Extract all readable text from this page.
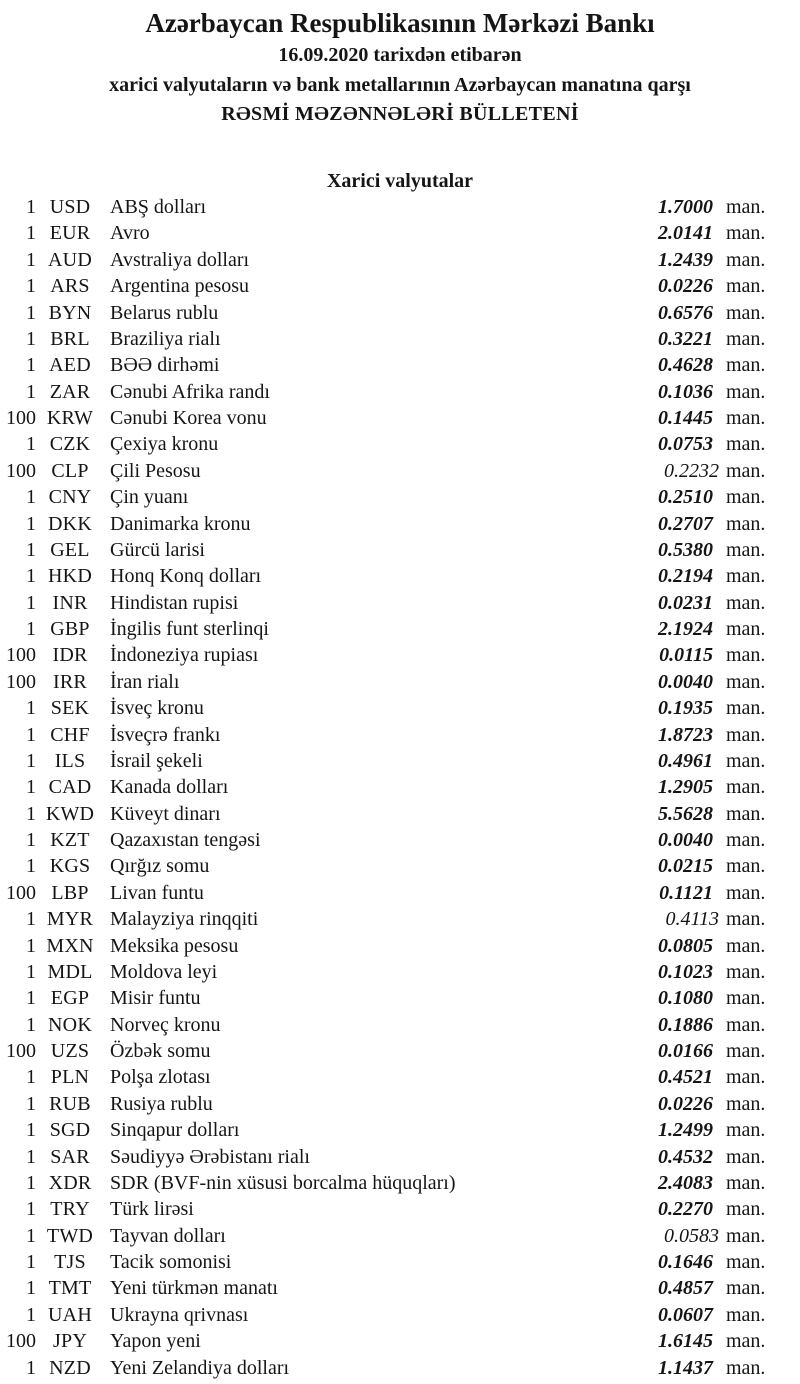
Azərbaycan Respublikasının Mərkəzi Bankı
16.09.2020 tarixdən etibarən
xarici valyutaların və bank metallarının Azərbaycan manatına qarşı
RƏSMİ MƏZƏNNƏLƏRİ BÜLLETENİ
Xarici valyutalar
1 USD ABŞ dolları	1.7000 man.
1 EUR Avro	2.0141 man.
1 AUD Avstraliya dolları	1.2439 man.
1 ARS	Argentina pesosu	0.0226 man.
1 BYN Belarus rublu	0.6576 man.
1 BRL	Braziliya rialı	0.3221 man.
1 AED BƏƏ dirhəmi	0.4628 man.
1 ZAR Cənubi Afrika randı	0.1036 man.
100 KRW Cənubi Korea vonu	0.1445 man.
1 CZK Çexiya kronu	0.0753 man.
100 CLP	Çili Pesosu	0.2232 man.
1 CNY Çin yuanı	0.2510 man.
1 DKK Danimarka kronu	0.2707 man.
1 GEL	Gürcü larisi	0.5380 man.
1 HKD Honq Konq dolları	0.2194 man.
1 INR	Hindistan rupisi	0.0231 man.
1 GBP	İngilis funt sterlinqi	2.1924 man.
100 IDR	İndoneziya rupiası	0.0115 man.
100 IRR	İran rialı	0.0040 man.
1 SEK	İsveç kronu	0.1935 man.
1 CHF	İsveçrə frankı	1.8723 man.
1 ILS	İsrail şekeli	0.4961 man.
1 CAD Kanada dolları	1.2905 man.
1 KWD Küveyt dinarı	5.5628 man.
1 KZT	Qazaxıstan tengəsi	0.0040 man.
1 KGS Qırğız somu	0.0215 man.
100 LBP	Livan funtu	0.1121 man.
1 MYR Malayziya rinqqiti	0.4113 man.
1 MXN Meksika pesosu	0.0805 man.
1 MDL Moldova leyi	0.1023 man.
1 EGP	Misir funtu	0.1080 man.
1 NOK Norveç kronu	0.1886 man.
100 UZS	Özbək somu	0.0166 man.
1 PLN	Polşa zlotası	0.4521 man.
1 RUB Rusiya rublu	0.0226 man.
1 SGD Sinqapur dolları	1.2499 man.
1 SAR	Səudiyyə Ərəbistanı rialı	0.4532 man.
1 XDR SDR (BVF-nin xüsusi borcalma hüquqları)	2.4083 man.
1 TRY	Türk lirəsi	0.2270 man.
1 TWD Tayvan dolları	0.0583 man.
1 TJS	Tacik somonisi	0.1646 man.
1 TMT Yeni türkmən manatı	0.4857 man.
1 UAH Ukrayna qrivnası	0.0607 man.
100 JPY	Yapon yeni	1.6145 man.
1 NZD Yeni Zelandiya dolları	1.1437 man.
